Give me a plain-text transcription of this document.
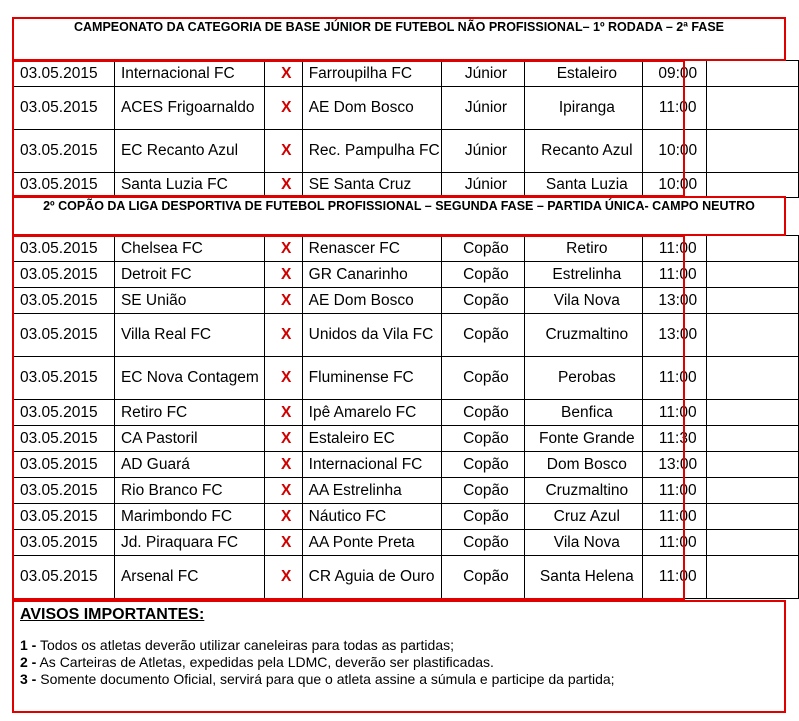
CAMPEONATO DA CATEGORIA DE BASE JÚNIOR DE FUTEBOL NÃO PROFISSIONAL– 1º RODADA – 2ª FASE
03.05.2015	Internacional FC	X	Farroupilha FC	Júnior	Estaleiro	09:00	
03.05.2015	ACES Frigoarnaldo	X	AE Dom Bosco	Júnior	Ipiranga	11:00	
03.05.2015	EC Recanto Azul	X	Rec. Pampulha FC	Júnior	Recanto Azul	10:00	
03.05.2015	Santa Luzia FC	X	SE Santa Cruz	Júnior	Santa Luzia	10:00	
2º COPÃO DA LIGA DESPORTIVA DE FUTEBOL PROFISSIONAL – SEGUNDA FASE – PARTIDA ÚNICA- CAMPO NEUTRO
03.05.2015	Chelsea FC	X	Renascer FC	Copão	Retiro	11:00	
03.05.2015	Detroit FC	X	GR Canarinho	Copão	Estrelinha	11:00	
03.05.2015	SE União	X	AE Dom Bosco	Copão	Vila Nova	13:00	
03.05.2015	Villa Real FC	X	Unidos da Vila FC	Copão	Cruzmaltino	13:00	
03.05.2015	EC Nova Contagem	X	Fluminense FC	Copão	Perobas	11:00	
03.05.2015	Retiro FC	X	Ipê Amarelo FC	Copão	Benfica	11:00	
03.05.2015	CA Pastoril	X	Estaleiro EC	Copão	Fonte Grande	11:30	
03.05.2015	AD Guará	X	Internacional FC	Copão	Dom Bosco	13:00	
03.05.2015	Rio Branco FC	X	AA Estrelinha	Copão	Cruzmaltino	11:00	
03.05.2015	Marimbondo FC	X	Náutico FC	Copão	Cruz Azul	11:00	
03.05.2015	Jd. Piraquara FC	X	AA Ponte Preta	Copão	Vila Nova	11:00	
03.05.2015	Arsenal FC	X	CR Aguia de Ouro	Copão	Santa Helena	11:00	
AVISOS IMPORTANTES:
1 - Todos os atletas deverão utilizar caneleiras para todas as partidas;
2 - As Carteiras de Atletas, expedidas pela LDMC, deverão ser plastificadas.
3 - Somente documento Oficial, servirá para que o atleta assine a súmula e participe da partida;
